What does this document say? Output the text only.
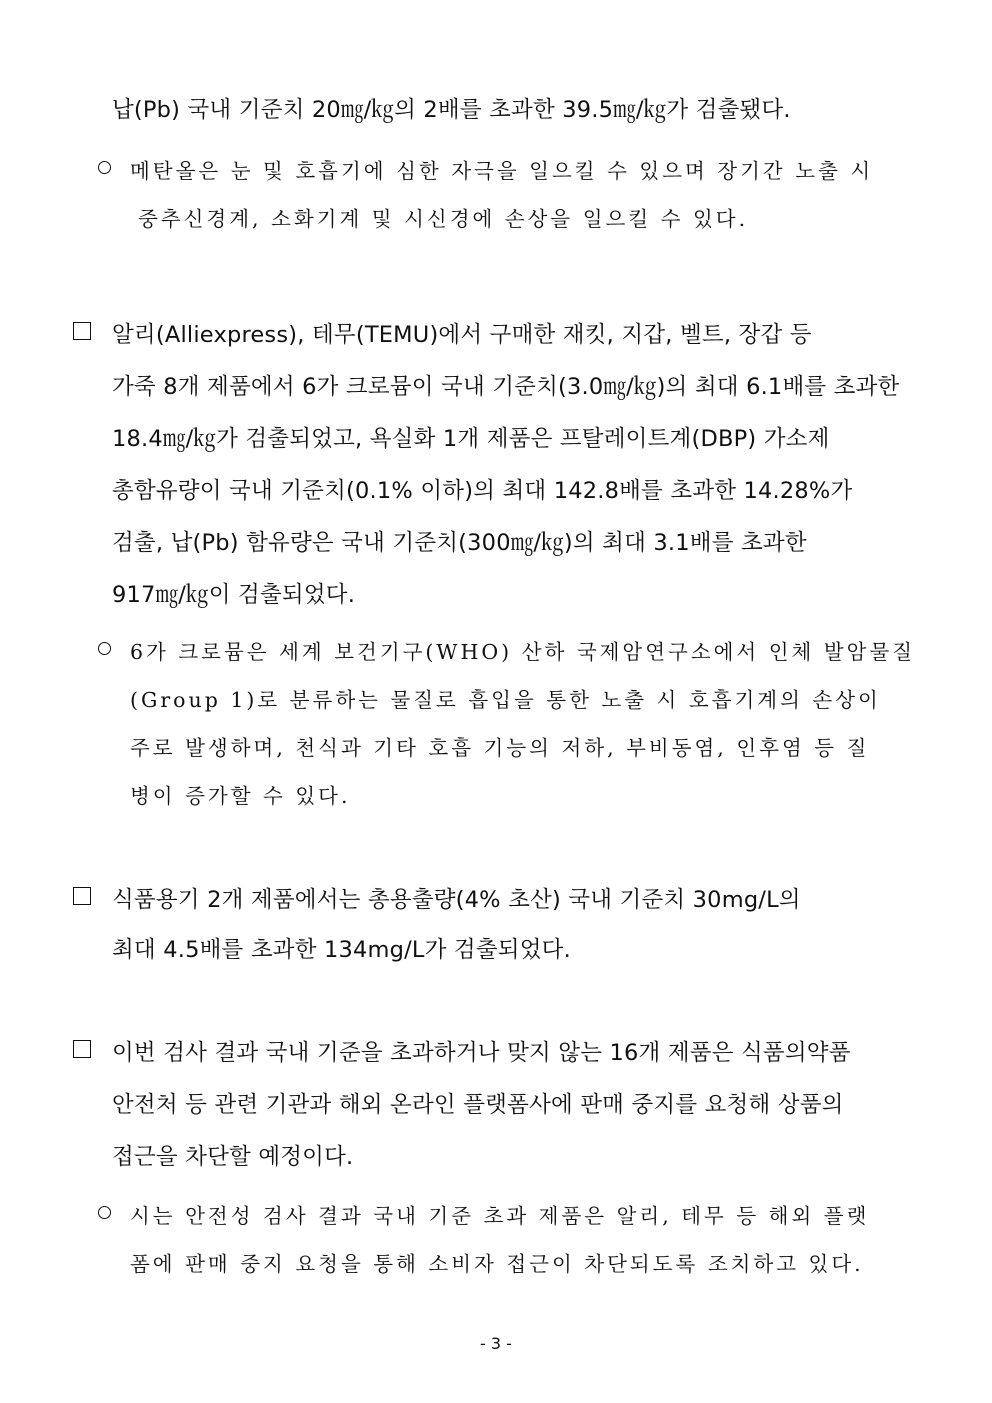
납(Pb) 국내 기준치 20㎎/㎏의 2배를 초과한 39.5㎎/㎏가 검출됐다.
메탄올은 눈 및 호흡기에 심한 자극을 일으킬 수 있으며 장기간 노출 시
중추신경계, 소화기계 및 시신경에 손상을 일으킬 수 있다.
알리(Alliexpress), 테무(TEMU)에서 구매한 재킷, 지갑, 벨트, 장갑 등
가죽 8개 제품에서 6가 크로뮴이 국내 기준치(3.0㎎/㎏)의 최대 6.1배를 초과한
18.4㎎/㎏가 검출되었고, 욕실화 1개 제품은 프탈레이트계(DBP) 가소제
총함유량이 국내 기준치(0.1% 이하)의 최대 142.8배를 초과한 14.28%가
검출, 납(Pb) 함유량은 국내 기준치(300㎎/㎏)의 최대 3.1배를 초과한
917㎎/㎏이 검출되었다.
6가 크로뮴은 세계 보건기구(WHO) 산하 국제암연구소에서 인체 발암물질
(Group 1)로 분류하는 물질로 흡입을 통한 노출 시 호흡기계의 손상이
주로 발생하며, 천식과 기타 호흡 기능의 저하, 부비동염, 인후염 등 질
병이 증가할 수 있다.
식품용기 2개 제품에서는 총용출량(4% 초산) 국내 기준치 30mg/L의
최대 4.5배를 초과한 134mg/L가 검출되었다.
이번 검사 결과 국내 기준을 초과하거나 맞지 않는 16개 제품은 식품의약품
안전처 등 관련 기관과 해외 온라인 플랫폼사에 판매 중지를 요청해 상품의
접근을 차단할 예정이다.
시는 안전성 검사 결과 국내 기준 초과 제품은 알리, 테무 등 해외 플랫
폼에 판매 중지 요청을 통해 소비자 접근이 차단되도록 조치하고 있다.
- 3 -
